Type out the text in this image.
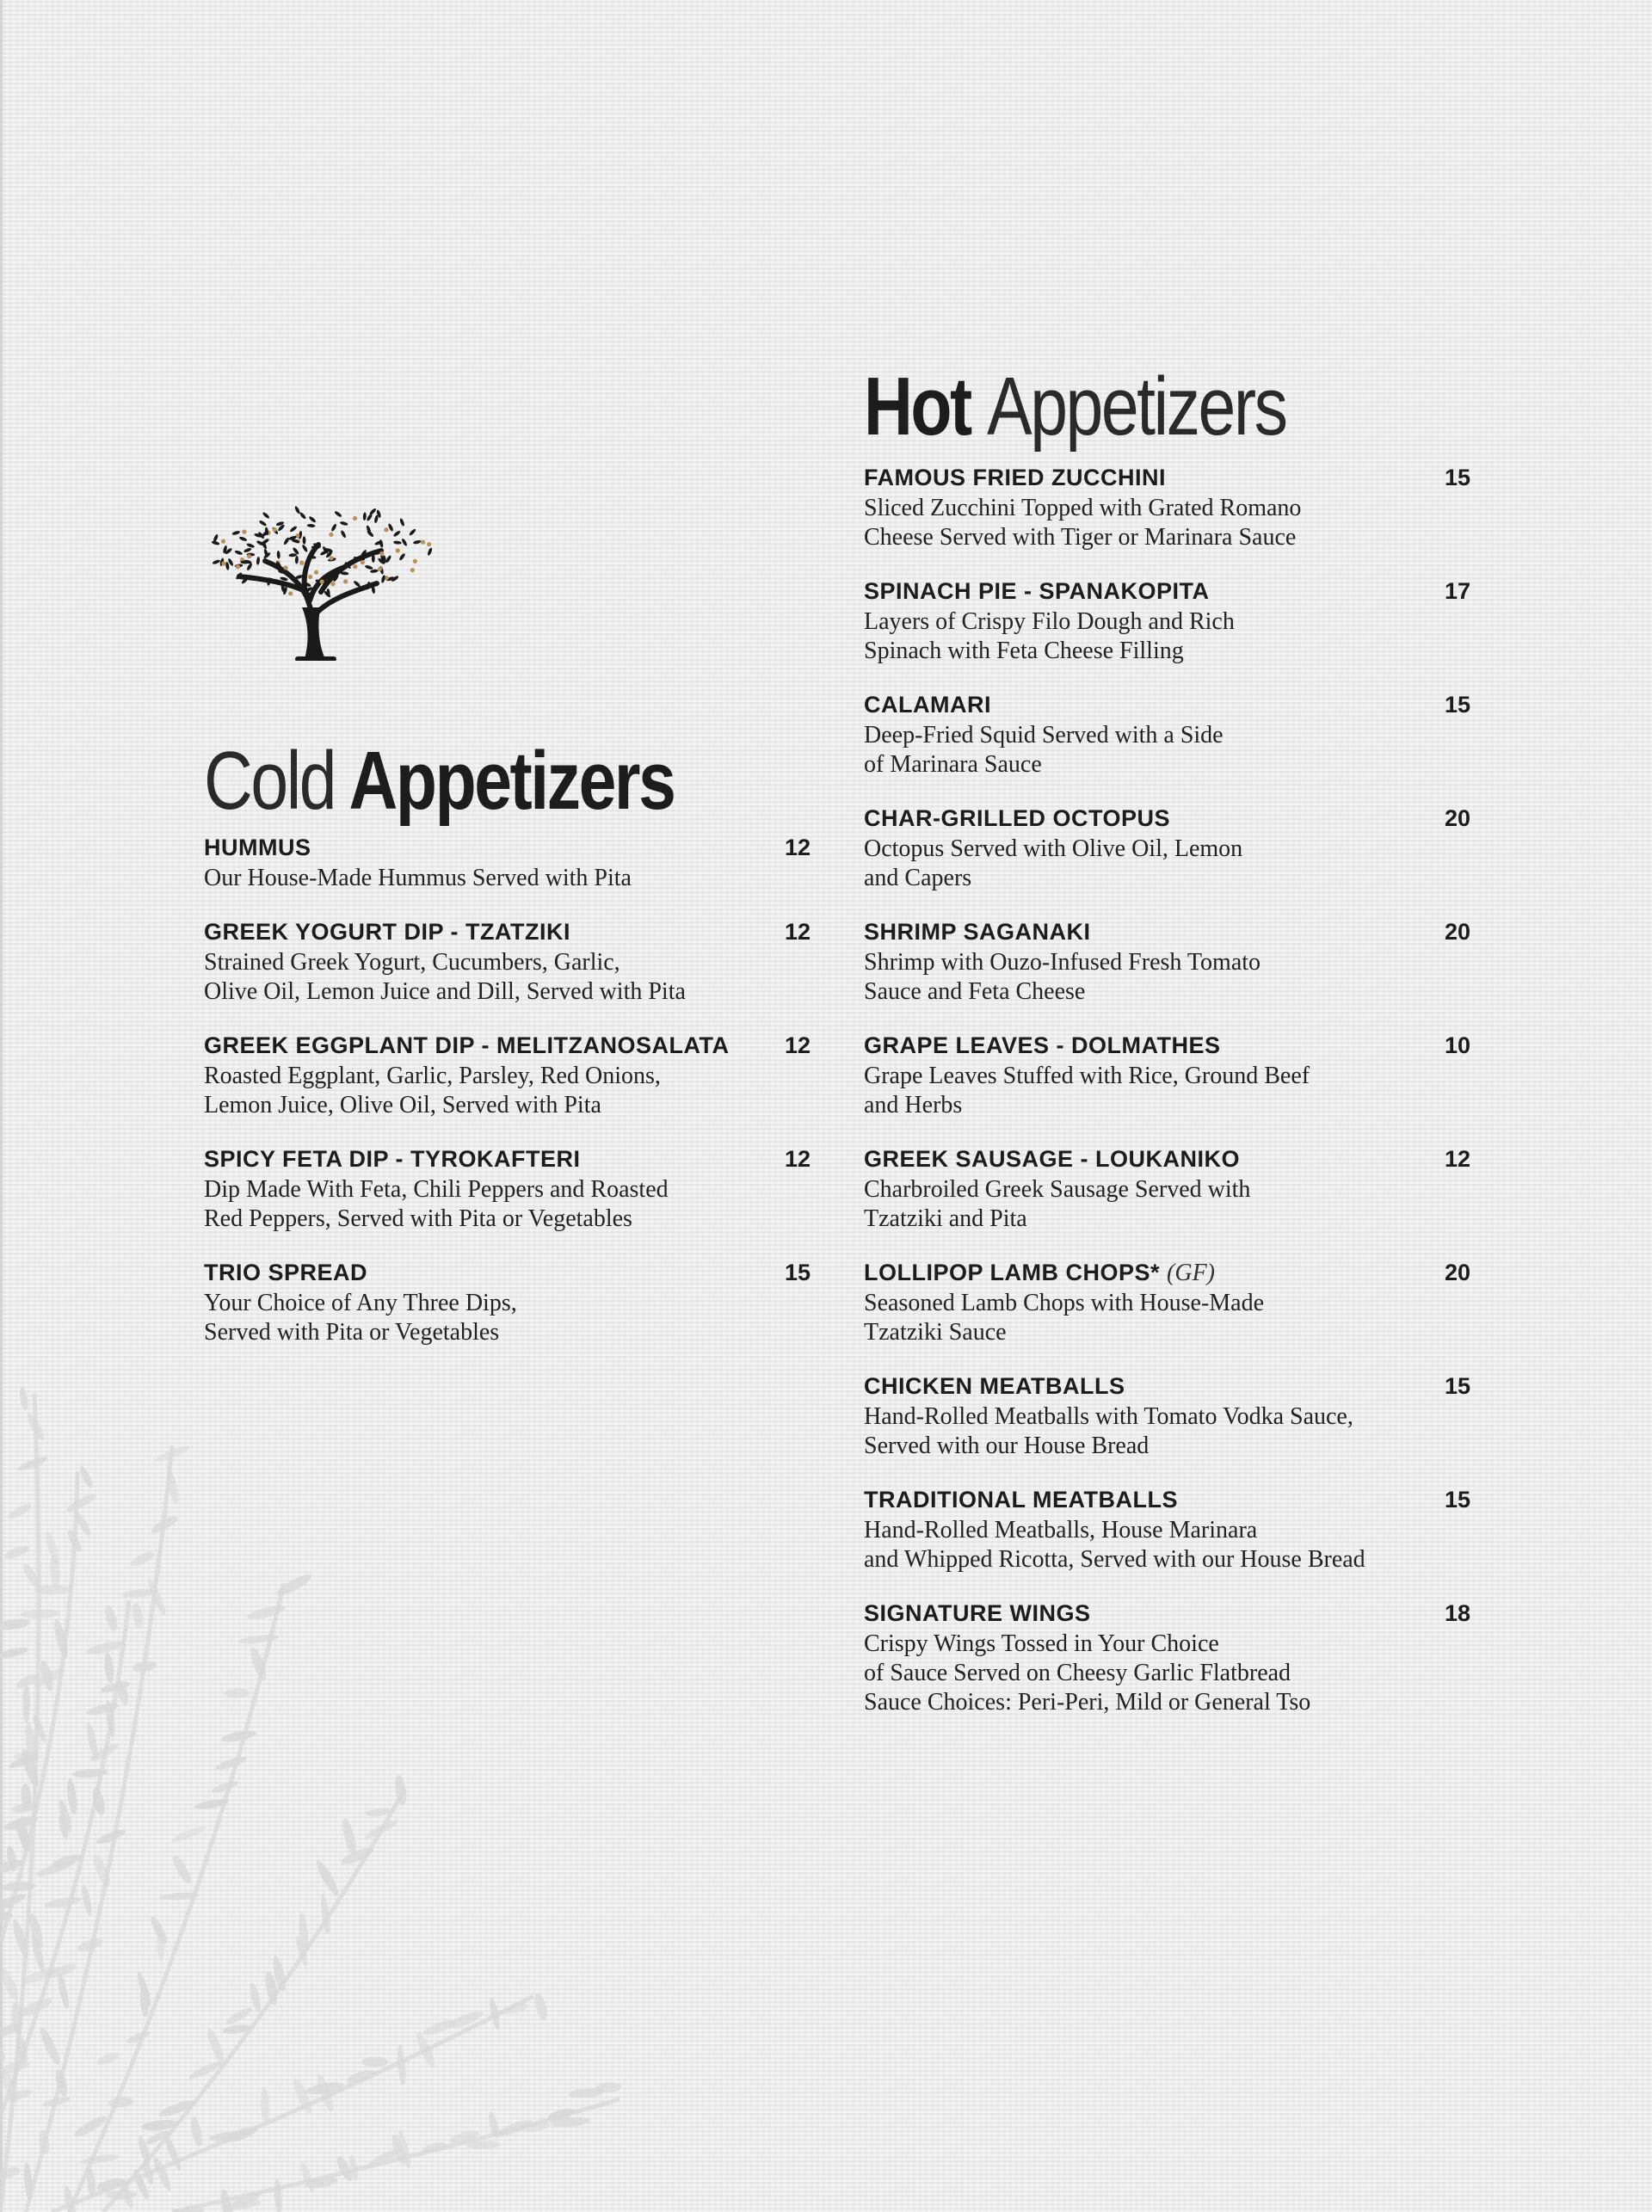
Cold Appetizers
HUMMUS	12
Our House-Made Hummus Served with Pita
GREEK YOGURT DIP - TZATZIKI	12
Strained Greek Yogurt, Cucumbers, Garlic,
Olive Oil, Lemon Juice and Dill, Served with Pita
GREEK EGGPLANT DIP - MELITZANOSALATA 12
Roasted Eggplant, Garlic, Parsley, Red Onions,
Lemon Juice, Olive Oil, Served with Pita
SPICY FETA DIP - TYROKAFTERI	12
Dip Made With Feta, Chili Peppers and Roasted
Red Peppers, Served with Pita or Vegetables
TRIO SPREAD	15
Your Choice of Any Three Dips,
Served with Pita or Vegetables
Hot Appetizers
FAMOUS FRIED ZUCCHINI	15
Sliced Zucchini Topped with Grated Romano
Cheese Served with Tiger or Marinara Sauce
SPINACH PIE - SPANAKOPITA	17
Layers of Crispy Filo Dough and Rich
Spinach with Feta Cheese Filling
CALAMARI	15
Deep-Fried Squid Served with a Side
of Marinara Sauce
CHAR-GRILLED OCTOPUS	20
Octopus Served with Olive Oil, Lemon
and Capers
SHRIMP SAGANAKI	20
Shrimp with Ouzo-Infused Fresh Tomato
Sauce and Feta Cheese
GRAPE LEAVES - DOLMATHES	10
Grape Leaves Stuffed with Rice, Ground Beef
and Herbs
GREEK SAUSAGE - LOUKANIKO	12
Charbroiled Greek Sausage Served with
Tzatziki and Pita
LOLLIPOP LAMB CHOPS* (GF)	20
Seasoned Lamb Chops with House-Made
Tzatziki Sauce
CHICKEN MEATBALLS	15
Hand-Rolled Meatballs with Tomato Vodka Sauce,
Served with our House Bread
TRADITIONAL MEATBALLS	15
Hand-Rolled Meatballs, House Marinara
and Whipped Ricotta, Served with our House Bread
SIGNATURE WINGS	18
Crispy Wings Tossed in Your Choice
of Sauce Served on Cheesy Garlic Flatbread
Sauce Choices: Peri-Peri, Mild or General Tso
